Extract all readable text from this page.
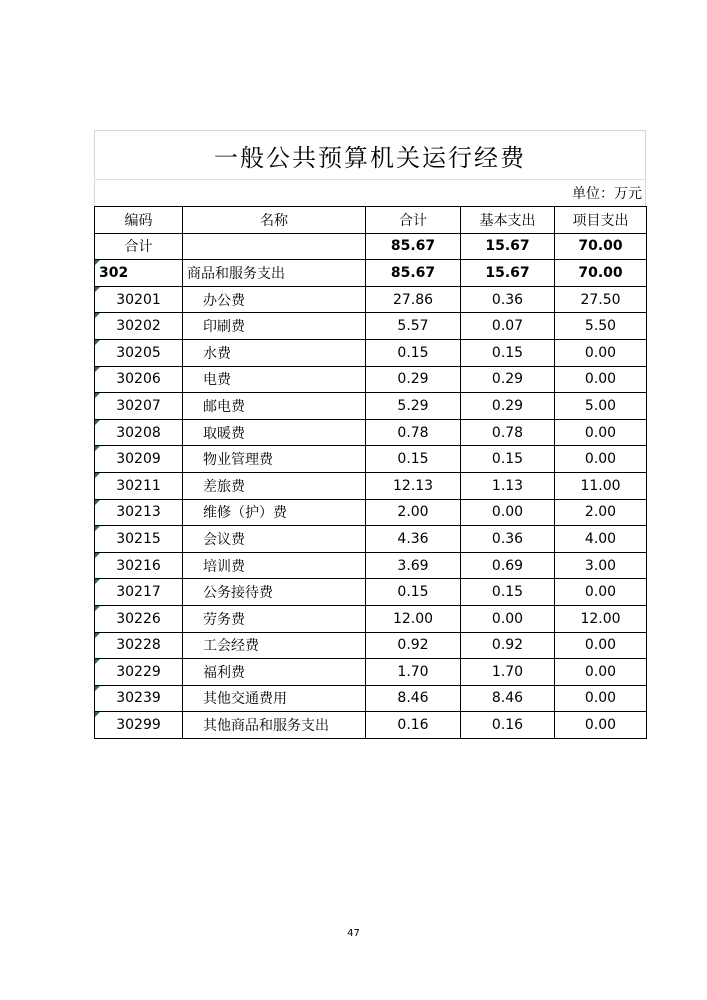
一般公共预算机关运行经费
单位：万元
编码	名称	合计	基本支出	项目支出
合计		85.67	15.67	70.00
302	商品和服务支出	85.67	15.67	70.00
30201	办公费	27.86	0.36	27.50
30202	印刷费	5.57	0.07	5.50
30205	水费	0.15	0.15	0.00
30206	电费	0.29	0.29	0.00
30207	邮电费	5.29	0.29	5.00
30208	取暖费	0.78	0.78	0.00
30209	物业管理费	0.15	0.15	0.00
30211	差旅费	12.13	1.13	11.00
30213	维修（护）费	2.00	0.00	2.00
30215	会议费	4.36	0.36	4.00
30216	培训费	3.69	0.69	3.00
30217	公务接待费	0.15	0.15	0.00
30226	劳务费	12.00	0.00	12.00
30228	工会经费	0.92	0.92	0.00
30229	福利费	1.70	1.70	0.00
30239	其他交通费用	8.46	8.46	0.00
30299	其他商品和服务支出	0.16	0.16	0.00
47
